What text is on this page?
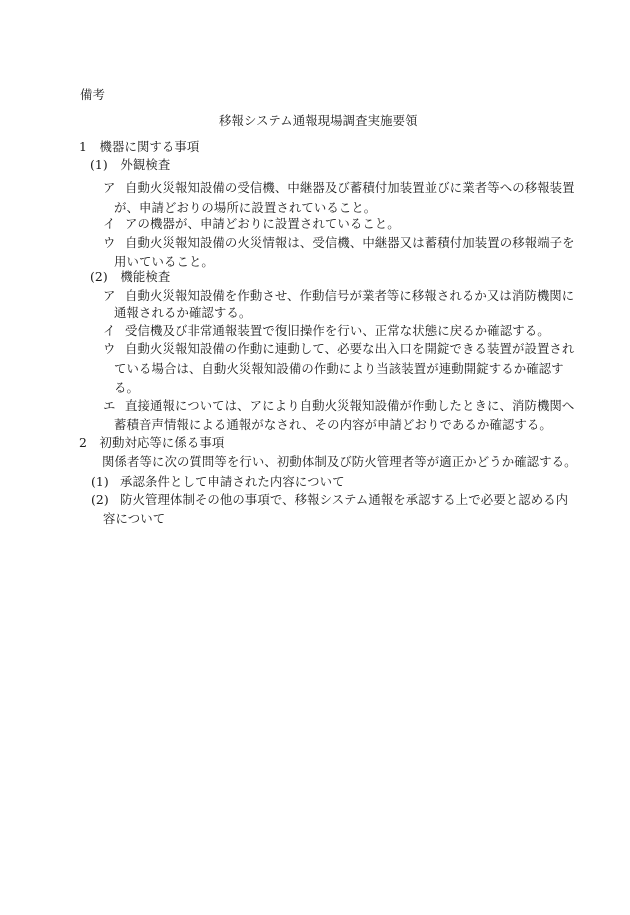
備考
移報システム通報現場調査実施要領
1　機器に関する事項
(1)　外観検査
ア 自動火災報知設備の受信機、中継器及び蓄積付加装置並びに業者等への移報装置
が、申請どおりの場所に設置されていること。
イ アの機器が、申請どおりに設置されていること。
ウ 自動火災報知設備の火災情報は、受信機、中継器又は蓄積付加装置の移報端子を
用いていること。
(2)　機能検査
ア 自動火災報知設備を作動させ、作動信号が業者等に移報されるか又は消防機関に
通報されるか確認する。
イ 受信機及び非常通報装置で復旧操作を行い、正常な状態に戻るか確認する。
ウ 自動火災報知設備の作動に連動して、必要な出入口を開錠できる装置が設置され
ている場合は、自動火災報知設備の作動により当該装置が連動開錠するか確認す
る。
エ 直接通報については、アにより自動火災報知設備が作動したときに、消防機関へ
蓄積音声情報による通報がなされ、その内容が申請どおりであるか確認する。
2　初動対応等に係る事項
関係者等に次の質問等を行い、初動体制及び防火管理者等が適正かどうか確認する。
(1) 承認条件として申請された内容について
(2) 防火管理体制その他の事項で、移報システム通報を承認する上で必要と認める内
容について
